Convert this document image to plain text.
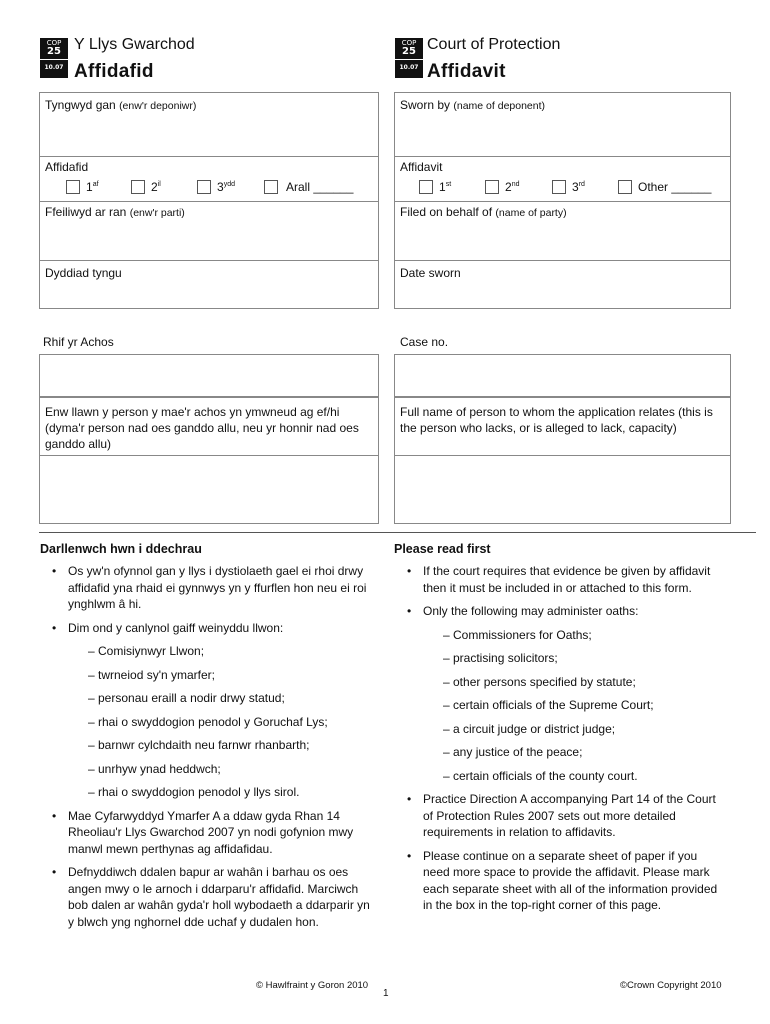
COP
25
10.07
Y Llys Gwarchod
Affidafid
COP
25
10.07
Court of Protection
Affidavit
Tyngwyd gan (enw'r deponiwr)
Affidafid
$1^{af}$	$2^{il}$	$3^{ydd}$	Arall ______
Ffeiliwyd ar ran (enw'r parti)
Dyddiad tyngu
Sworn by (name of deponent)
Affidavit
1st	2nd	3rd	Other ______
Filed on behalf of (name of party)
Date sworn
Rhif yr Achos	Case no.
Enw llawn y person y mae'r achos yn ymwneud ag ef/hi (dyma'r person nad oes ganddo allu, neu yr honnir nad oes ganddo allu)
Full name of person to whom the application relates (this is the person who lacks, or is alleged to lack, capacity)
Darllenwch hwn i ddechrau
• Os yw'n ofynnol gan y llys i dystiolaeth gael ei rhoi drwy affidafid yna rhaid ei gynnwys yn y ffurflen hon neu ei roi ynghlwm â hi.
• Dim ond y canlynol gaiff weinyddu llwon:
– Comisiynwyr Llwon;
– twrneiod sy'n ymarfer;
– personau eraill a nodir drwy statud;
– rhai o swyddogion penodol y Goruchaf Lys;
– barnwr cylchdaith neu farnwr rhanbarth;
– unrhyw ynad heddwch;
– rhai o swyddogion penodol y llys sirol.
• Mae Cyfarwyddyd Ymarfer A a ddaw gyda Rhan 14 Rheoliau'r Llys Gwarchod 2007 yn nodi gofynion mwy manwl mewn perthynas ag affidafidau.
• Defnyddiwch ddalen bapur ar wahân i barhau os oes angen mwy o le arnoch i ddarparu'r affidafid. Marciwch bob dalen ar wahân gyda'r holl wybodaeth a ddarparir yn y blwch yng nghornel dde uchaf y dudalen hon.
Please read first
• If the court requires that evidence be given by affidavit then it must be included in or attached to this form.
• Only the following may administer oaths:
– Commissioners for Oaths;
– practising solicitors;
– other persons specified by statute;
– certain officials of the Supreme Court;
– a circuit judge or district judge;
– any justice of the peace;
– certain officials of the county court.
• Practice Direction A accompanying Part 14 of the Court of Protection Rules 2007 sets out more detailed requirements in relation to affidavits.
• Please continue on a separate sheet of paper if you need more space to provide the affidavit. Please mark each separate sheet with all of the information provided in the box in the top-right corner of this page.
© Hawlfraint y Goron 2010
1
©Crown Copyright 2010
